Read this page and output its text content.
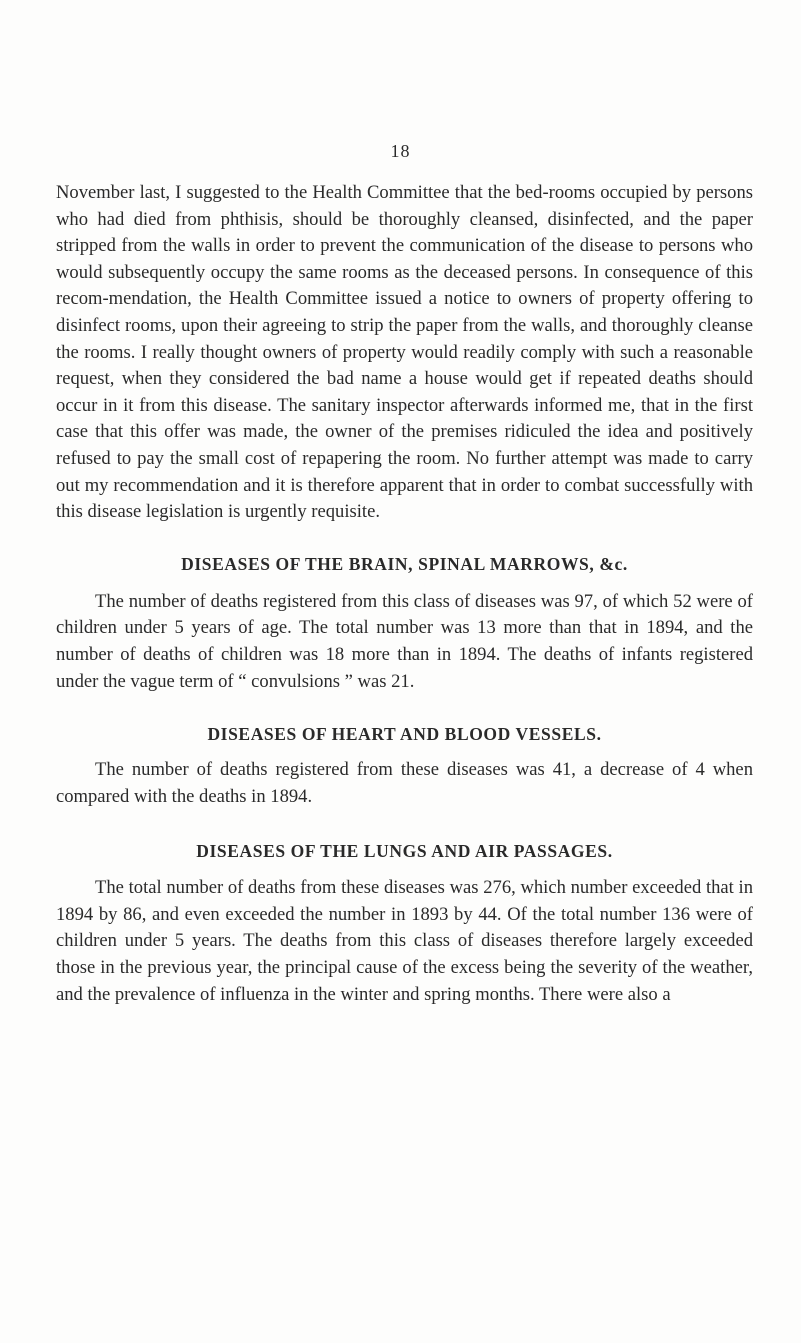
18

November last, I suggested to the Health Committee that the bed-rooms occupied by persons who had died from phthisis, should be thoroughly cleansed, disinfected, and the paper stripped from the walls in order to prevent the communication of the disease to persons who would subsequently occupy the same rooms as the deceased persons. In consequence of this recom-mendation, the Health Committee issued a notice to owners of property offering to disinfect rooms, upon their agreeing to strip the paper from the walls, and thoroughly cleanse the rooms. I really thought owners of property would readily comply with such a reasonable request, when they considered the bad name a house would get if repeated deaths should occur in it from this disease. The sanitary inspector afterwards informed me, that in the first case that this offer was made, the owner of the premises ridiculed the idea and positively refused to pay the small cost of repapering the room. No further attempt was made to carry out my recommendation and it is therefore apparent that in order to combat successfully with this disease legislation is urgently requisite.

DISEASES OF THE BRAIN, SPINAL MARROWS, &c.

The number of deaths registered from this class of diseases was 97, of which 52 were of children under 5 years of age. The total number was 13 more than that in 1894, and the number of deaths of children was 18 more than in 1894. The deaths of infants registered under the vague term of “ convulsions ” was 21.

DISEASES OF HEART AND BLOOD VESSELS.

The number of deaths registered from these diseases was 41, a decrease of 4 when compared with the deaths in 1894.

DISEASES OF THE LUNGS AND AIR PASSAGES.

The total number of deaths from these diseases was 276, which number exceeded that in 1894 by 86, and even exceeded the number in 1893 by 44. Of the total number 136 were of children under 5 years. The deaths from this class of diseases therefore largely exceeded those in the previous year, the principal cause of the excess being the severity of the weather, and the prevalence of influenza in the winter and spring months. There were also a
